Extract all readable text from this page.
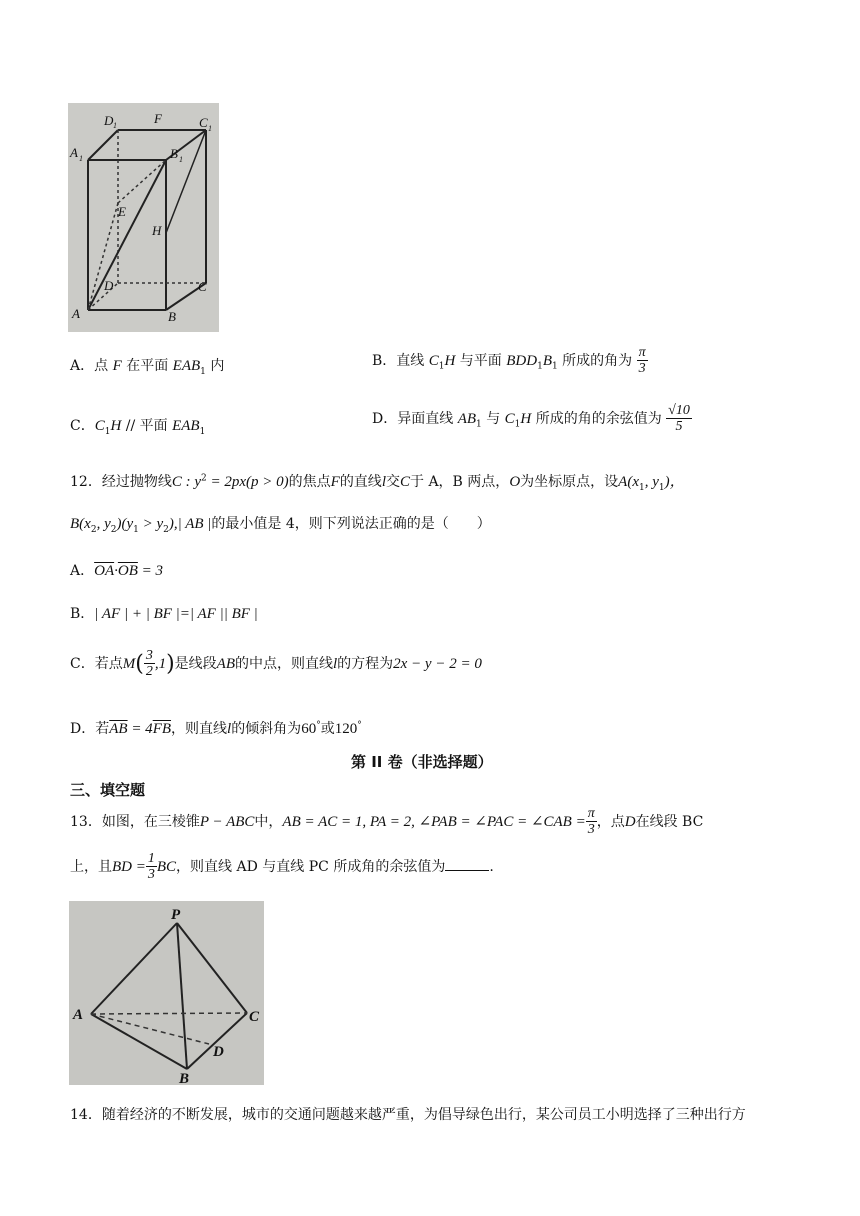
D 1	F	C 1
A 1	B 1
E
H
D	C
A	B
A．点 F 在平面 $EAB_1$ 内	B．直线 $C_1H$ 与平面 $BDD_1B_1$ 所成的角为 $\frac{\pi}{3}$
C．$C_1H$ // 平面 $EAB_1$
D．异面直线 $AB_1$ 与 $C_1H$ 所成的角的余弦值为 $\frac{√10}{5}$
12．经过抛物线C : $y^2 = 2px(p > 0)$的焦点F的直线l交C于 A，B 两点，O为坐标原点，设$A(x_1$, $y_1$)，
$B(x_2$, $y_2)(y_1 > y_2),|$ AB |的最小值是 4，则下列说法正确的是（　　）
A．$\overline{OA}\cdot\overline{OB} = 3$
B．| AF | + | BF |=| AF || BF |
C．若点$M( \frac{3}{2} ,1)$是线段AB的中点，则直线l的方程为2x − y − 2 = 0
D．若$\overline{AB} = 4\overline{FB}$，则直线l的倾斜角为60°或120°
第 II 卷（非选择题）
三、填空题
13．如图，在三棱锥P − ABC中，AB = AC = 1, PA = 2, ∠PAB = ∠PAC = ∠CAB = $\frac{\pi}{3}$ ，点D在线段 BC
上，且BD = $\frac{1}{3}$ BC，则直线 AD 与直线 PC 所成角的余弦值为	.
P
A	C
D
B
14．随着经济的不断发展，城市的交通问题越来越严重，为倡导绿色出行，某公司员工小明选择了三种出行方
